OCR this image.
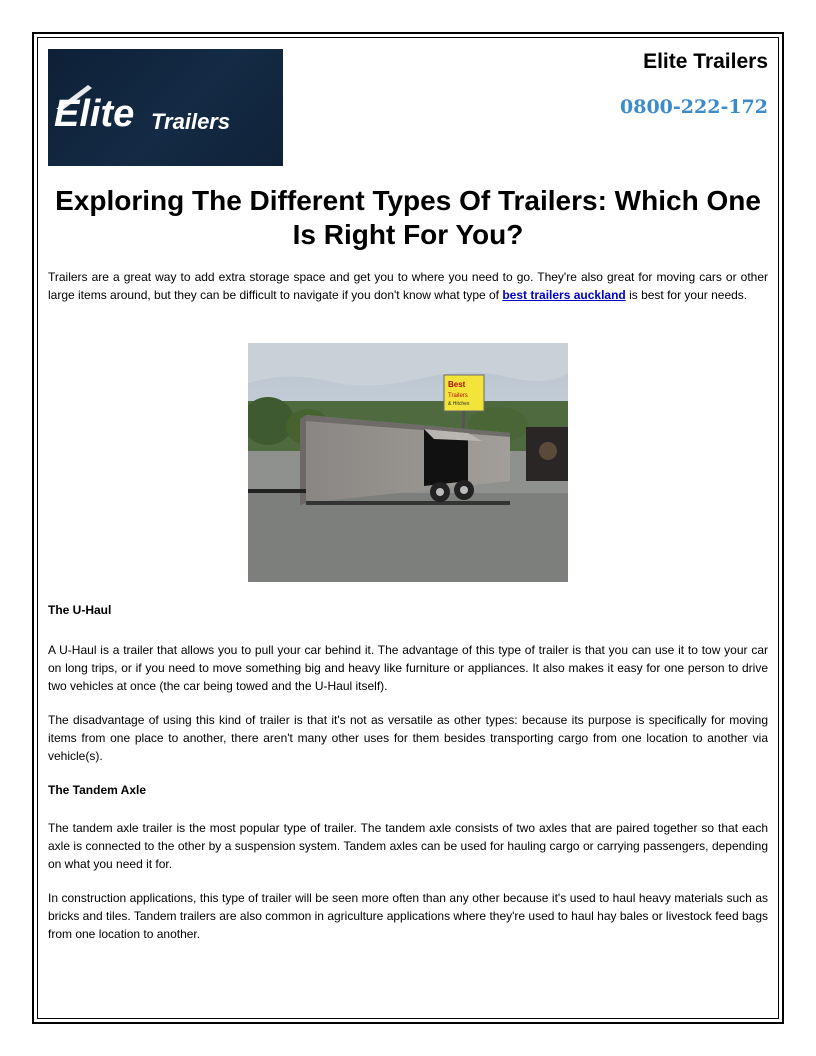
Elite Trailers
Elite Trailers
0800-222-172
Exploring The Different Types Of Trailers: Which One Is Right For You?

Trailers are a great way to add extra storage space and get you to where you need to go. They're also great for moving cars or other large items around, but they can be difficult to navigate if you don't know what type of best trailers auckland is best for your needs.

Best
Trailers
& Hitches
The U-Haul

A U-Haul is a trailer that allows you to pull your car behind it. The advantage of this type of trailer is that you can use it to tow your car on long trips, or if you need to move something big and heavy like furniture or appliances. It also makes it easy for one person to drive two vehicles at once (the car being towed and the U-Haul itself).

The disadvantage of using this kind of trailer is that it's not as versatile as other types: because its purpose is specifically for moving items from one place to another, there aren't many other uses for them besides transporting cargo from one location to another via vehicle(s).

The Tandem Axle

The tandem axle trailer is the most popular type of trailer. The tandem axle consists of two axles that are paired together so that each axle is connected to the other by a suspension system. Tandem axles can be used for hauling cargo or carrying passengers, depending on what you need it for.

In construction applications, this type of trailer will be seen more often than any other because it's used to haul heavy materials such as bricks and tiles. Tandem trailers are also common in agriculture applications where they're used to haul hay bales or livestock feed bags from one location to another.
